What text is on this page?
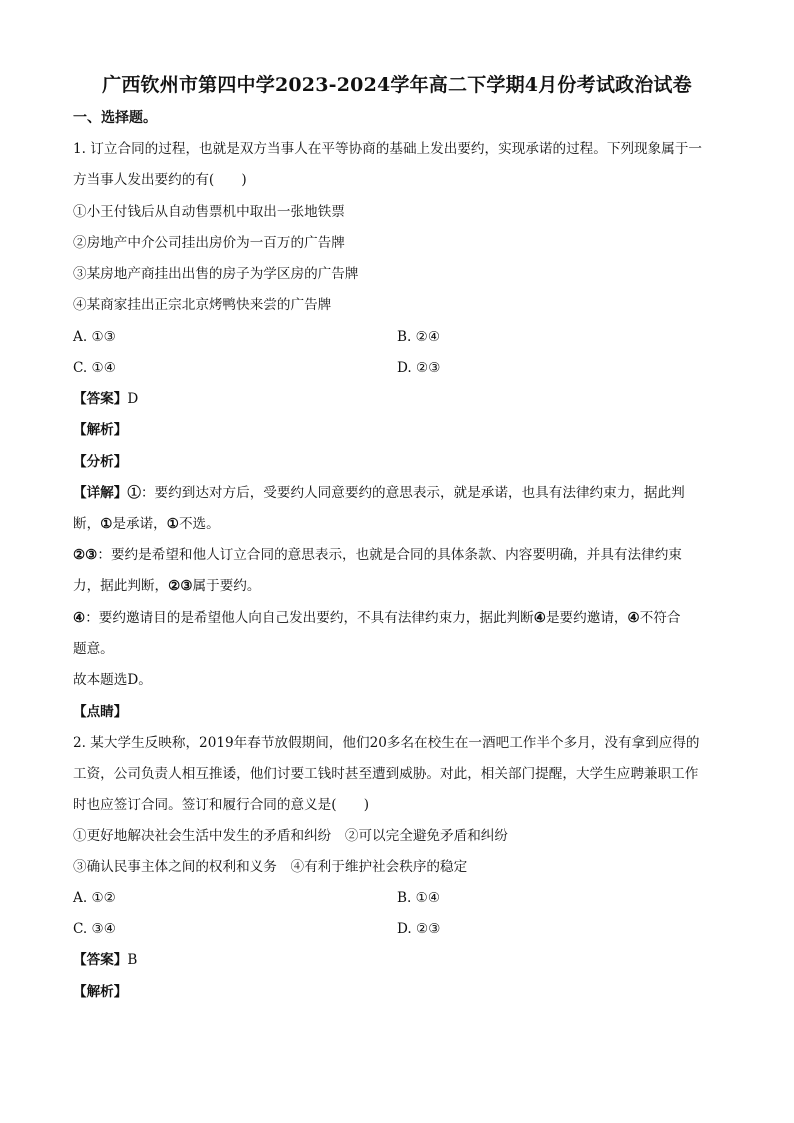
广西钦州市第四中学2023-2024学年高二下学期4月份考试政治试卷
一、选择题。
1. 订立合同的过程，也就是双方当事人在平等协商的基础上发出要约，实现承诺的过程。下列现象属于一
方当事人发出要约的有(　　)
①小王付钱后从自动售票机中取出一张地铁票
②房地产中介公司挂出房价为一百万的广告牌
③某房地产商挂出出售的房子为学区房的广告牌
④某商家挂出正宗北京烤鸭快来尝的广告牌
A. ①③	B. ②④
C. ①④	D. ②③
【答案】D
【解析】
【分析】
【详解】①：要约到达对方后，受要约人同意要约的意思表示，就是承诺，也具有法律约束力，据此判
断，①是承诺，①不选。
②③：要约是希望和他人订立合同的意思表示，也就是合同的具体条款、内容要明确，并具有法律约束
力，据此判断，②③属于要约。
④：要约邀请目的是希望他人向自己发出要约，不具有法律约束力，据此判断④是要约邀请，④不符合
题意。
故本题选D。
【点睛】
2. 某大学生反映称，2019年春节放假期间，他们20多名在校生在一酒吧工作半个多月，没有拿到应得的
工资，公司负责人相互推诿，他们讨要工钱时甚至遭到威胁。对此，相关部门提醒，大学生应聘兼职工作
时也应签订合同。签订和履行合同的意义是(　　)
①更好地解决社会生活中发生的矛盾和纠纷　②可以完全避免矛盾和纠纷
③确认民事主体之间的权利和义务　④有利于维护社会秩序的稳定
A. ①②	B. ①④
C. ③④	D. ②③
【答案】B
【解析】
